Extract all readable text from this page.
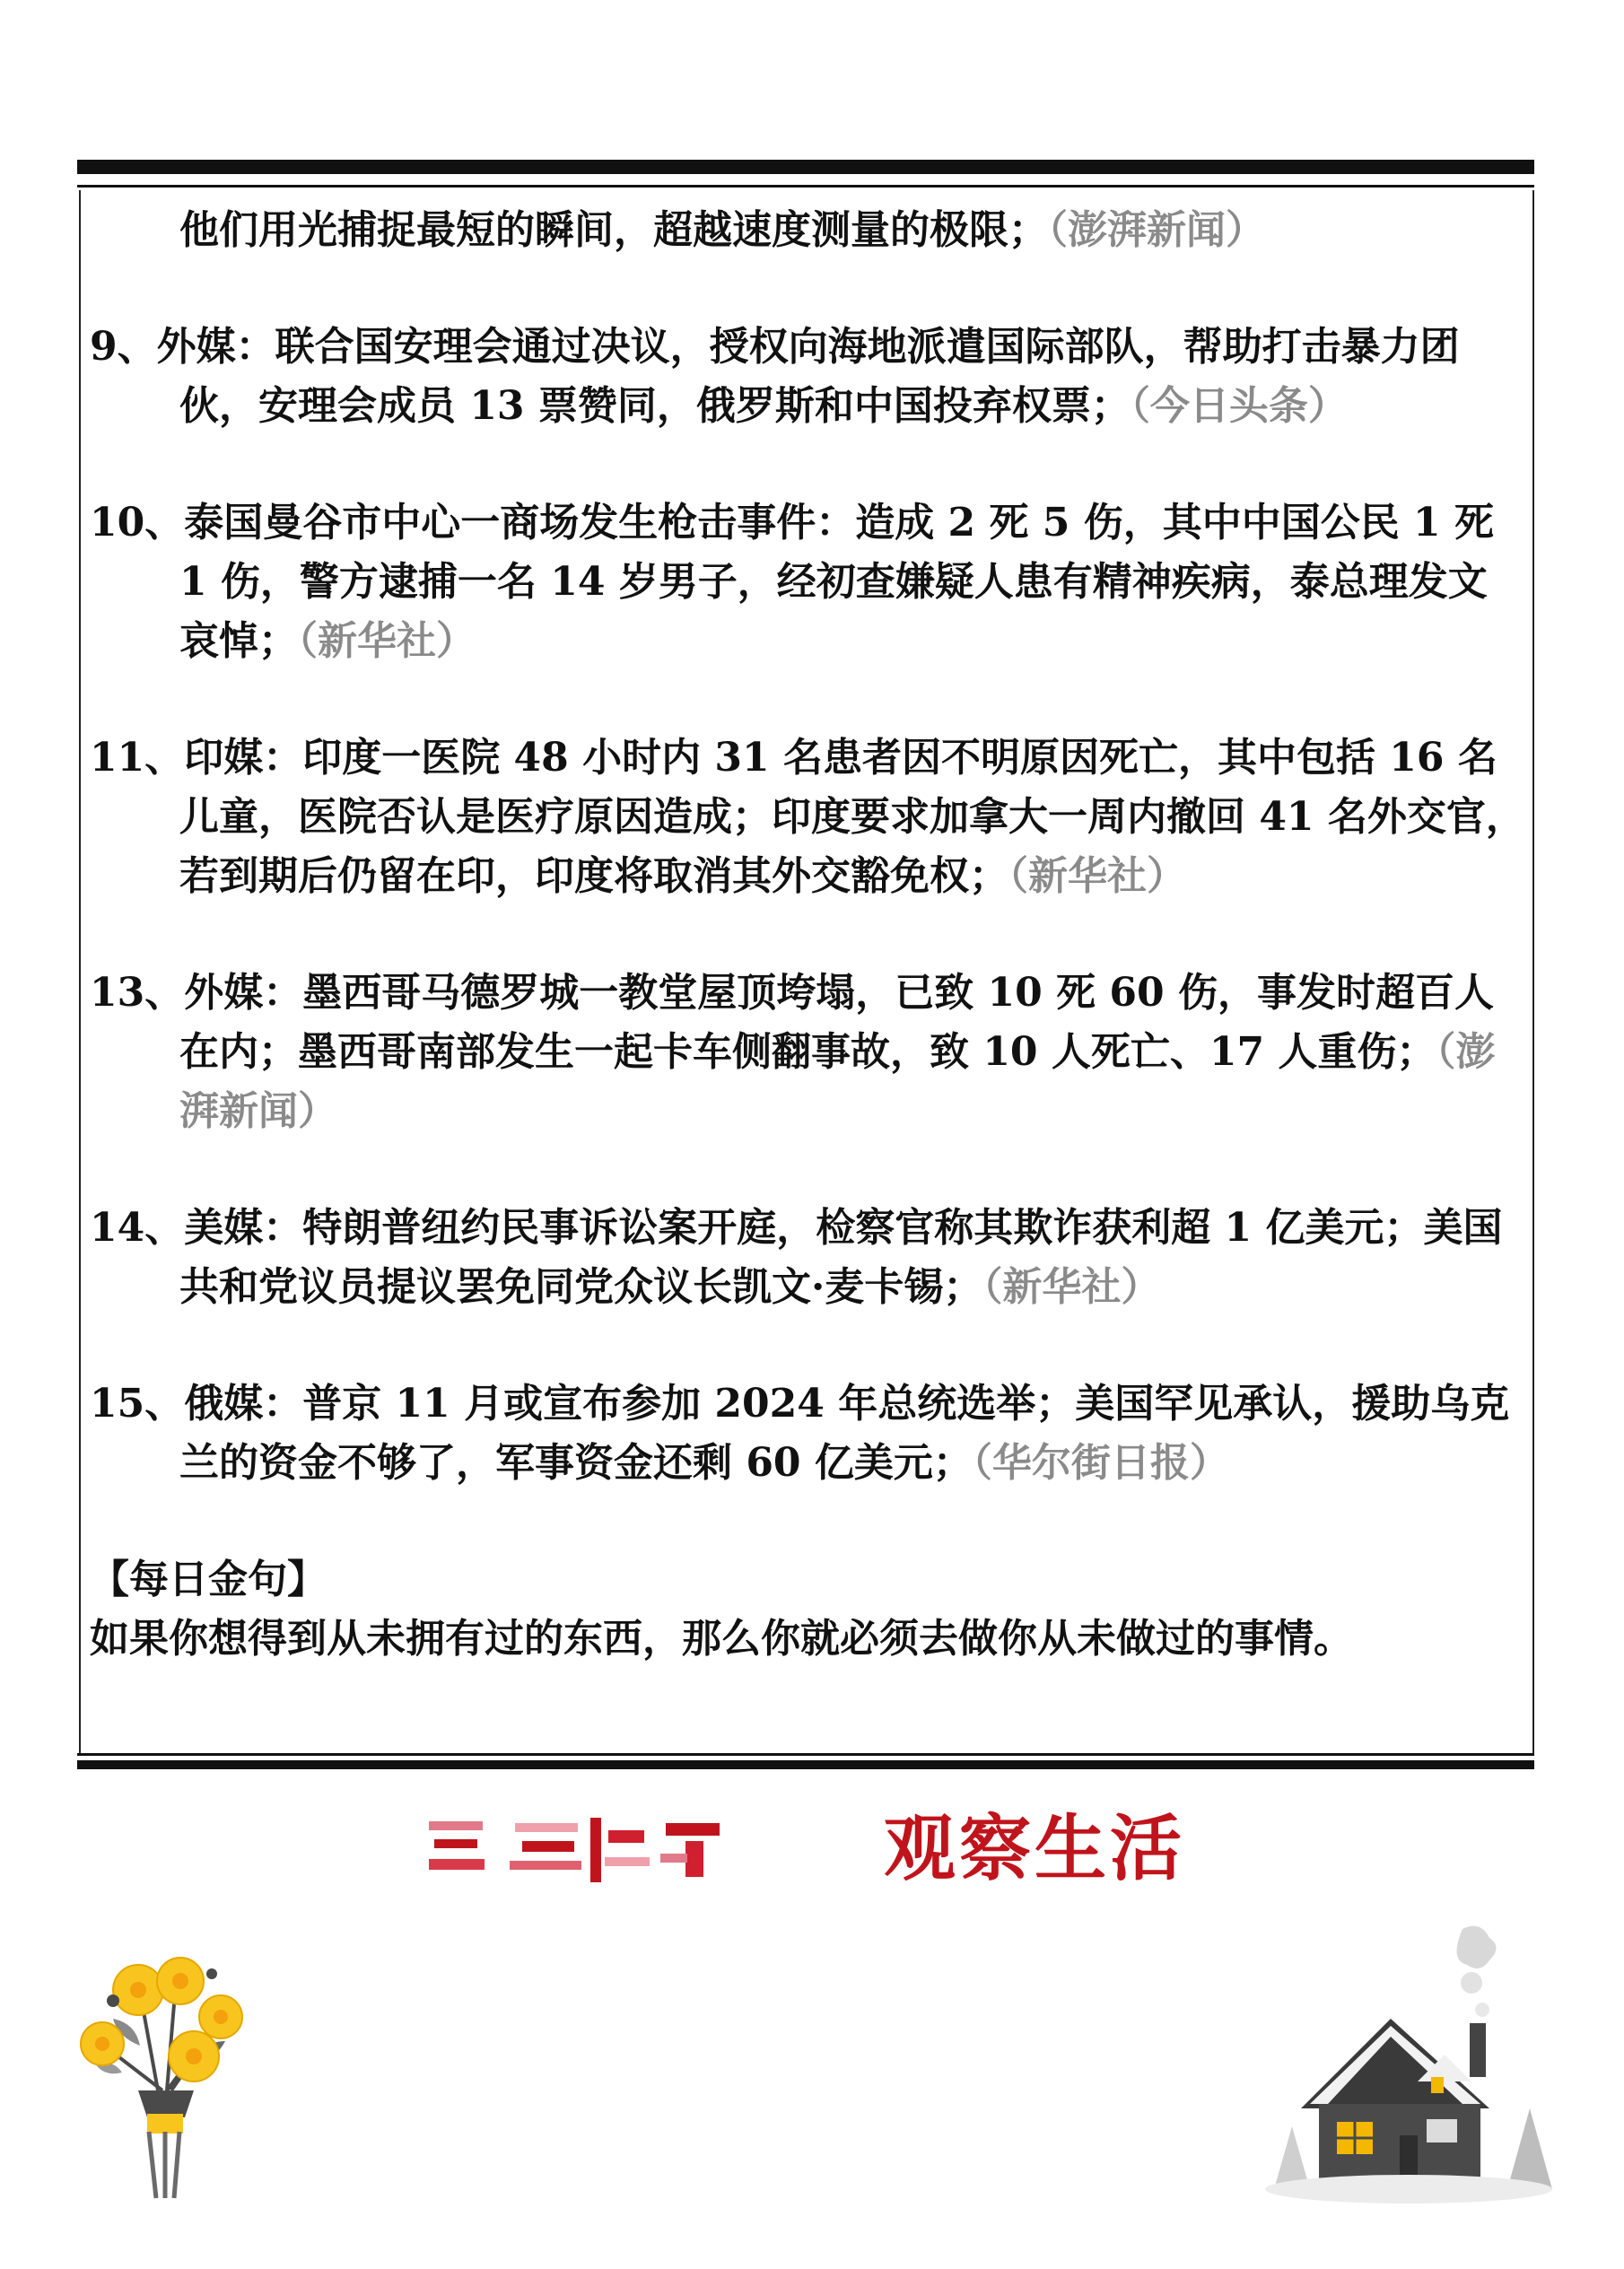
他们用光捕捉最短的瞬间，超越速度测量的极限；（澎湃新闻）

9、外媒：联合国安理会通过决议，授权向海地派遣国际部队，帮助打击暴力团伙，安理会成员 13 票赞同，俄罗斯和中国投弃权票；（今日头条）

10、泰国曼谷市中心一商场发生枪击事件：造成 2 死 5 伤，其中中国公民 1 死 1 伤，警方逮捕一名 14 岁男子，经初查嫌疑人患有精神疾病，泰总理发文哀悼；（新华社）

11、印媒：印度一医院 48 小时内 31 名患者因不明原因死亡，其中包括 16 名儿童，医院否认是医疗原因造成；印度要求加拿大一周内撤回 41 名外交官，若到期后仍留在印，印度将取消其外交豁免权；（新华社）

13、外媒：墨西哥马德罗城一教堂屋顶垮塌，已致 10 死 60 伤，事发时超百人在内；墨西哥南部发生一起卡车侧翻事故，致 10 人死亡、17 人重伤；（澎湃新闻）

14、美媒：特朗普纽约民事诉讼案开庭，检察官称其欺诈获利超 1 亿美元；美国共和党议员提议罢免同党众议长凯文·麦卡锡；（新华社）

15、俄媒：普京 11 月或宣布参加 2024 年总统选举；美国罕见承认，援助乌克兰的资金不够了，军事资金还剩 60 亿美元；（华尔街日报）

【每日金句】
如果你想得到从未拥有过的东西，那么你就必须去做你从未做过的事情。
观察生活
